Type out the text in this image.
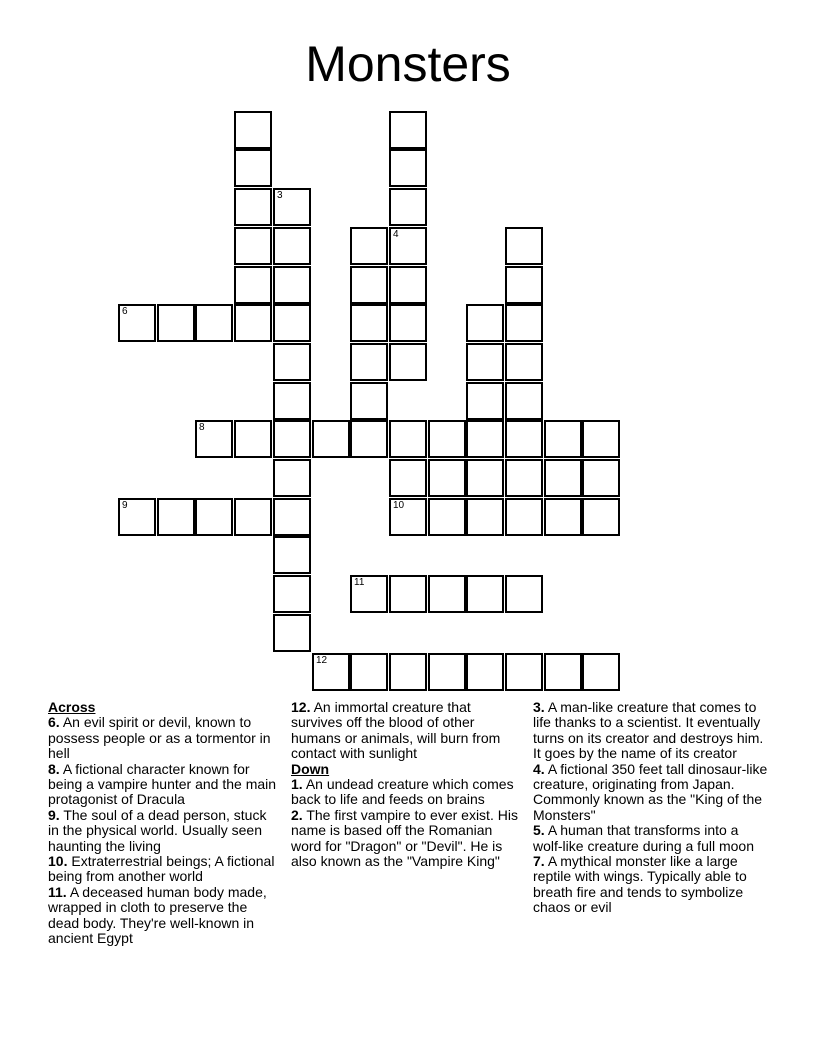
Monsters
3
4
6
8
9	10
11
12
Across

6. An evil spirit or devil, known to possess people or as a tormentor in hell

8. A fictional character known for being a vampire hunter and the main protagonist of Dracula

9. The soul of a dead person, stuck in the physical world. Usually seen haunting the living

10. Extraterrestrial beings; A fictional being from another world

11. A deceased human body made, wrapped in cloth to preserve the dead body. They're well-known in ancient Egypt

12. An immortal creature that survives off the blood of other humans or animals, will burn from contact with sunlight

Down

1. An undead creature which comes back to life and feeds on brains

2. The first vampire to ever exist. His name is based off the Romanian word for "Dragon" or "Devil". He is also known as the "Vampire King"

3. A man-like creature that comes to life thanks to a scientist. It eventually turns on its creator and destroys him. It goes by the name of its creator

4. A fictional 350 feet tall dinosaur-like creature, originating from Japan. Commonly known as the "King of the Monsters"

5. A human that transforms into a wolf-like creature during a full moon

7. A mythical monster like a large reptile with wings. Typically able to breath fire and tends to symbolize chaos or evil
